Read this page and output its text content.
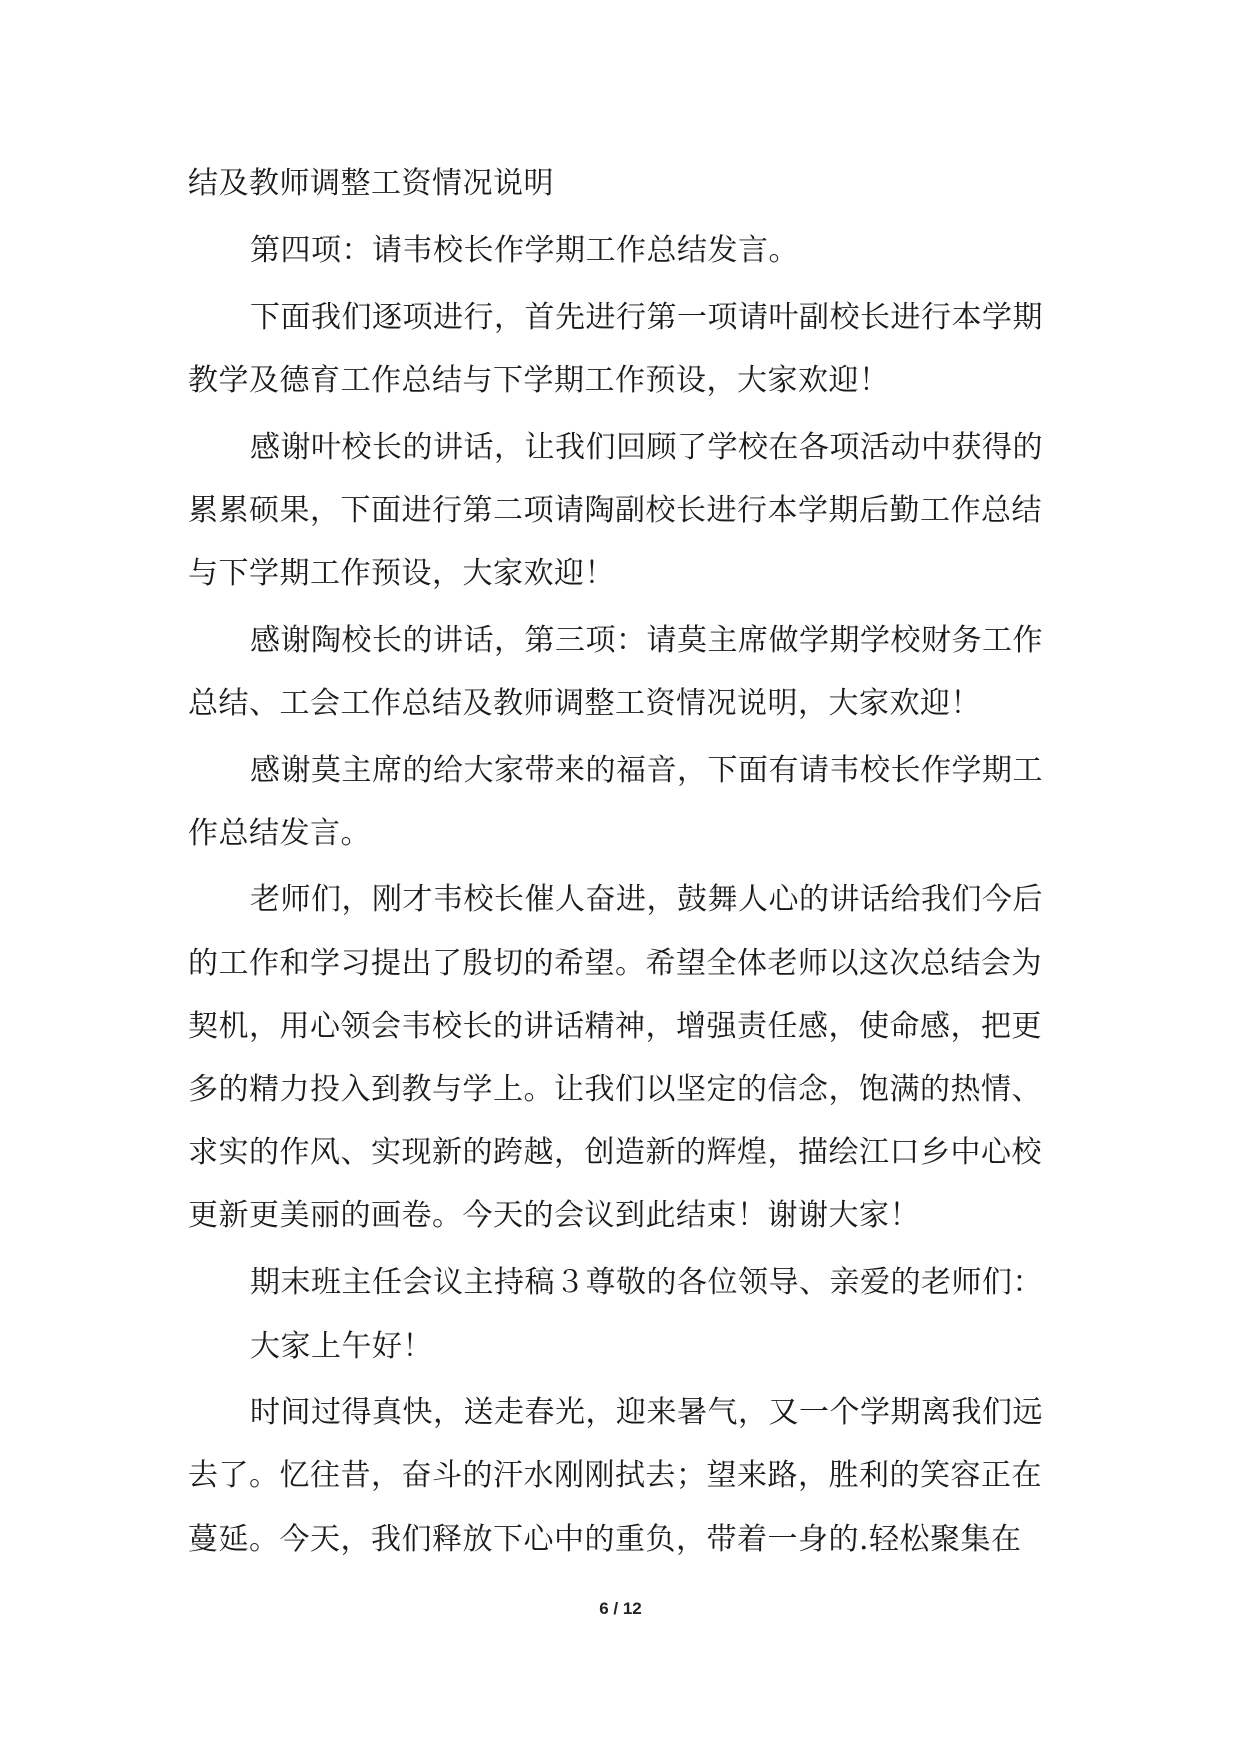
结及教师调整工资情况说明

第四项：请韦校长作学期工作总结发言。

下面我们逐项进行，首先进行第一项请叶副校长进行本学期

教学及德育工作总结与下学期工作预设，大家欢迎！

感谢叶校长的讲话，让我们回顾了学校在各项活动中获得的

累累硕果，下面进行第二项请陶副校长进行本学期后勤工作总结

与下学期工作预设，大家欢迎！

感谢陶校长的讲话，第三项：请莫主席做学期学校财务工作

总结、工会工作总结及教师调整工资情况说明，大家欢迎！

感谢莫主席的给大家带来的福音，下面有请韦校长作学期工

作总结发言。

老师们，刚才韦校长催人奋进，鼓舞人心的讲话给我们今后

的工作和学习提出了殷切的希望。希望全体老师以这次总结会为

契机，用心领会韦校长的讲话精神，增强责任感，使命感，把更

多的精力投入到教与学上。让我们以坚定的信念，饱满的热情、

求实的作风、实现新的跨越，创造新的辉煌，描绘江口乡中心校

更新更美丽的画卷。今天的会议到此结束！谢谢大家！

期末班主任会议主持稿３尊敬的各位领导、亲爱的老师们：

大家上午好！

时间过得真快，送走春光，迎来暑气，又一个学期离我们远

去了。忆往昔，奋斗的汗水刚刚拭去；望来路，胜利的笑容正在

蔓延。今天，我们释放下心中的重负，带着一身的.轻松聚集在

6 / 12
